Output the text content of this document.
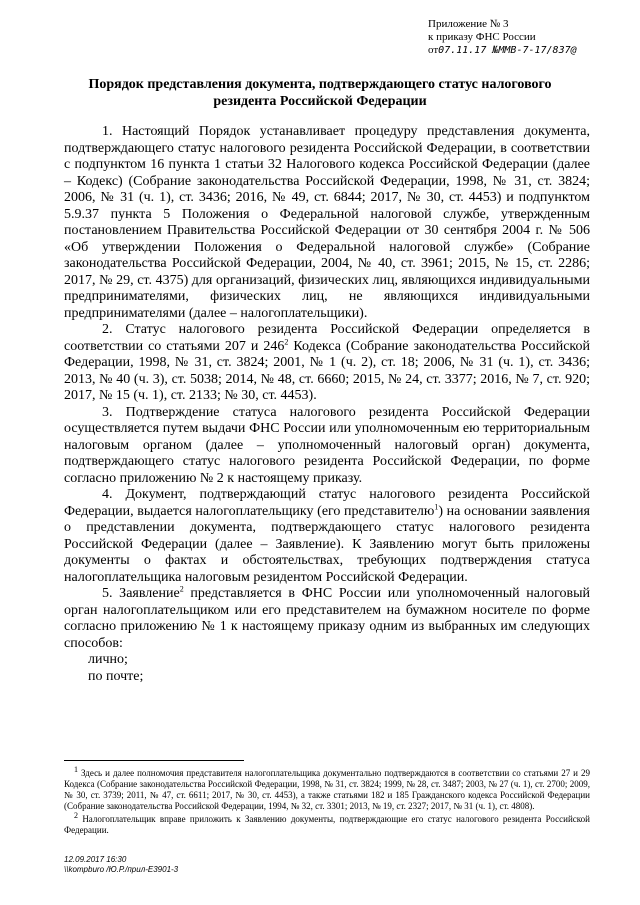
Приложение № 3
к приказу ФНС России
от07.11.17 №ММВ-7-17/837@
Порядок представления документа, подтверждающего статус налогового резидента Российской Федерации

1. Настоящий Порядок устанавливает процедуру представления документа, подтверждающего статус налогового резидента Российской Федерации, в соответствии с подпунктом 16 пункта 1 статьи 32 Налогового кодекса Российской Федерации (далее – Кодекс) (Собрание законодательства Российской Федерации, 1998, № 31, ст. 3824; 2006, № 31 (ч. 1), ст. 3436; 2016, № 49, ст. 6844; 2017, № 30, ст. 4453) и подпунктом 5.9.37 пункта 5 Положения о Федеральной налоговой службе, утвержденным постановлением Правительства Российской Федерации от 30 сентября 2004 г. № 506 «Об утверждении Положения о Федеральной налоговой службе» (Собрание законодательства Российской Федерации, 2004, № 40, ст. 3961; 2015, № 15, ст. 2286; 2017, № 29, ст. 4375) для организаций, физических лиц, являющихся индивидуальными предпринимателями, физических лиц, не являющихся индивидуальными предпринимателями (далее – налогоплательщики).

2. Статус налогового резидента Российской Федерации определяется в соответствии со статьями 207 и $246^2$ Кодекса (Собрание законодательства Российской Федерации, 1998, № 31, ст. 3824; 2001, № 1 (ч. 2), ст. 18; 2006, № 31 (ч. 1), ст. 3436; 2013, № 40 (ч. 3), ст. 5038; 2014, № 48, ст. 6660; 2015, № 24, ст. 3377; 2016, № 7, ст. 920; 2017, № 15 (ч. 1), ст. 2133; № 30, ст. 4453).

3. Подтверждение статуса налогового резидента Российской Федерации осуществляется путем выдачи ФНС России или уполномоченным ею территориальным налоговым органом (далее – уполномоченный налоговый орган) документа, подтверждающего статус налогового резидента Российской Федерации, по форме согласно приложению № 2 к настоящему приказу.

4. Документ, подтверждающий статус налогового резидента Российской Федерации, выдается налогоплательщику (его представителю$^1$) на основании заявления о представлении документа, подтверждающего статус налогового резидента Российской Федерации (далее – Заявление). К Заявлению могут быть приложены документы о фактах и обстоятельствах, требующих подтверждения статуса налогоплательщика налоговым резидентом Российской Федерации.

5. Заявление$^2$ представляется в ФНС России или уполномоченный налоговый орган налогоплательщиком или его представителем на бумажном носителе по форме согласно приложению № 1 к настоящему приказу одним из выбранных им следующих способов:

лично;

по почте;

$^1$ Здесь и далее полномочия представителя налогоплательщика документально подтверждаются в соответствии со статьями 27 и 29 Кодекса (Собрание законодательства Российской Федерации, 1998, № 31, ст. 3824; 1999, № 28, ст. 3487; 2003, № 27 (ч. 1), ст. 2700; 2009, № 30, ст. 3739; 2011, № 47, ст. 6611; 2017, № 30, ст. 4453), а также статьями 182 и 185 Гражданского кодекса Российской Федерации (Собрание законодательства Российской Федерации, 1994, № 32, ст. 3301; 2013, № 19, ст. 2327; 2017, № 31 (ч. 1), ст. 4808).

$^2$ Налогоплательщик вправе приложить к Заявлению документы, подтверждающие его статус налогового резидента Российской Федерации.

12.09.2017 16:30
\\kompburo /Ю.Р./прил-E3901-3
